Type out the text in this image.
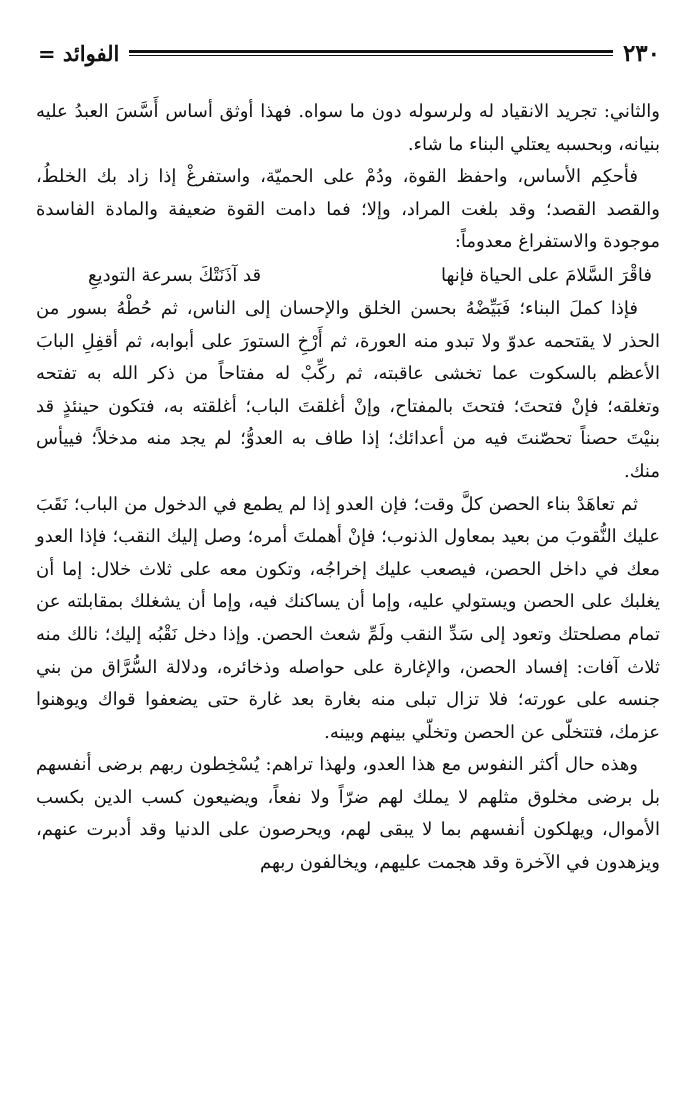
٢٣٠
الفوائد =

والثاني: تجريد الانقياد له ولرسوله دون ما سواه. فهذا أوثق أساس أَسَّسَ العبدُ عليه بنيانه، وبحسبه يعتلي البناء ما شاء.

فأحكِم الأساس، واحفظ القوة، ودُمْ على الحميّة، واستفرغْ إذا زاد بك الخلطُ، والقصد القصد؛ وقد بلغت المراد، وإلا؛ فما دامت القوة ضعيفة والمادة الفاسدة موجودة والاستفراغ معدوماً:

فاقْرَ السَّلامَ على الحياة فإنها
قد آذَنَتْكَ بسرعة التوديعِ

فإذا كملَ البناء؛ فَبَيِّضْهُ بحسن الخلق والإحسان إلى الناس، ثم حُطْهُ بسور من الحذر لا يقتحمه عدوّ ولا تبدو منه العورة، ثم أَرْخِ الستورَ على أبوابه، ثم أقفِلِ البابَ الأعظم بالسكوت عما تخشى عاقبته، ثم ركِّبْ له مفتاحاً من ذكر الله به تفتحه وتغلقه؛ فإنْ فتحتَ؛ فتحتَ بالمفتاح، وإنْ أغلقتَ الباب؛ أغلقته به، فتكون حينئذٍ قد بنيْتَ حصناً تحصّنتَ فيه من أعدائك؛ إذا طاف به العدوُّ؛ لم يجد منه مدخلاً؛ فييأس منك.

ثم تعاهَدْ بناء الحصن كلَّ وقت؛ فإن العدو إذا لم يطمع في الدخول من الباب؛ نَقَبَ عليك النُّقوبَ من بعيد بمعاول الذنوب؛ فإنْ أهملتَ أمره؛ وصل إليك النقب؛ فإذا العدو معك في داخل الحصن، فيصعب عليك إخراجُه، وتكون معه على ثلاث خلال: إما أن يغلبك على الحصن ويستولي عليه، وإما أن يساكنك فيه، وإما أن يشغلك بمقابلته عن تمام مصلحتك وتعود إلى سَدِّ النقب ولَمِّ شعث الحصن. وإذا دخل نَقْبُه إليك؛ نالك منه ثلاث آفات: إفساد الحصن، والإغارة على حواصله وذخائره، ودلالة السُّرَّاق من بني جنسه على عورته؛ فلا تزال تبلى منه بغارة بعد غارة حتى يضعفوا قواك ويوهنوا عزمك، فتتخلّى عن الحصن وتخلّي بينهم وبينه.

وهذه حال أكثر النفوس مع هذا العدو، ولهذا تراهم: يُسْخِطون ربهم برضى أنفسهم بل برضى مخلوق مثلهم لا يملك لهم ضرّاً ولا نفعاً، ويضيعون كسب الدين بكسب الأموال، ويهلكون أنفسهم بما لا يبقى لهم، ويحرصون على الدنيا وقد أدبرت عنهم، ويزهدون في الآخرة وقد هجمت عليهم، ويخالفون ربهم
